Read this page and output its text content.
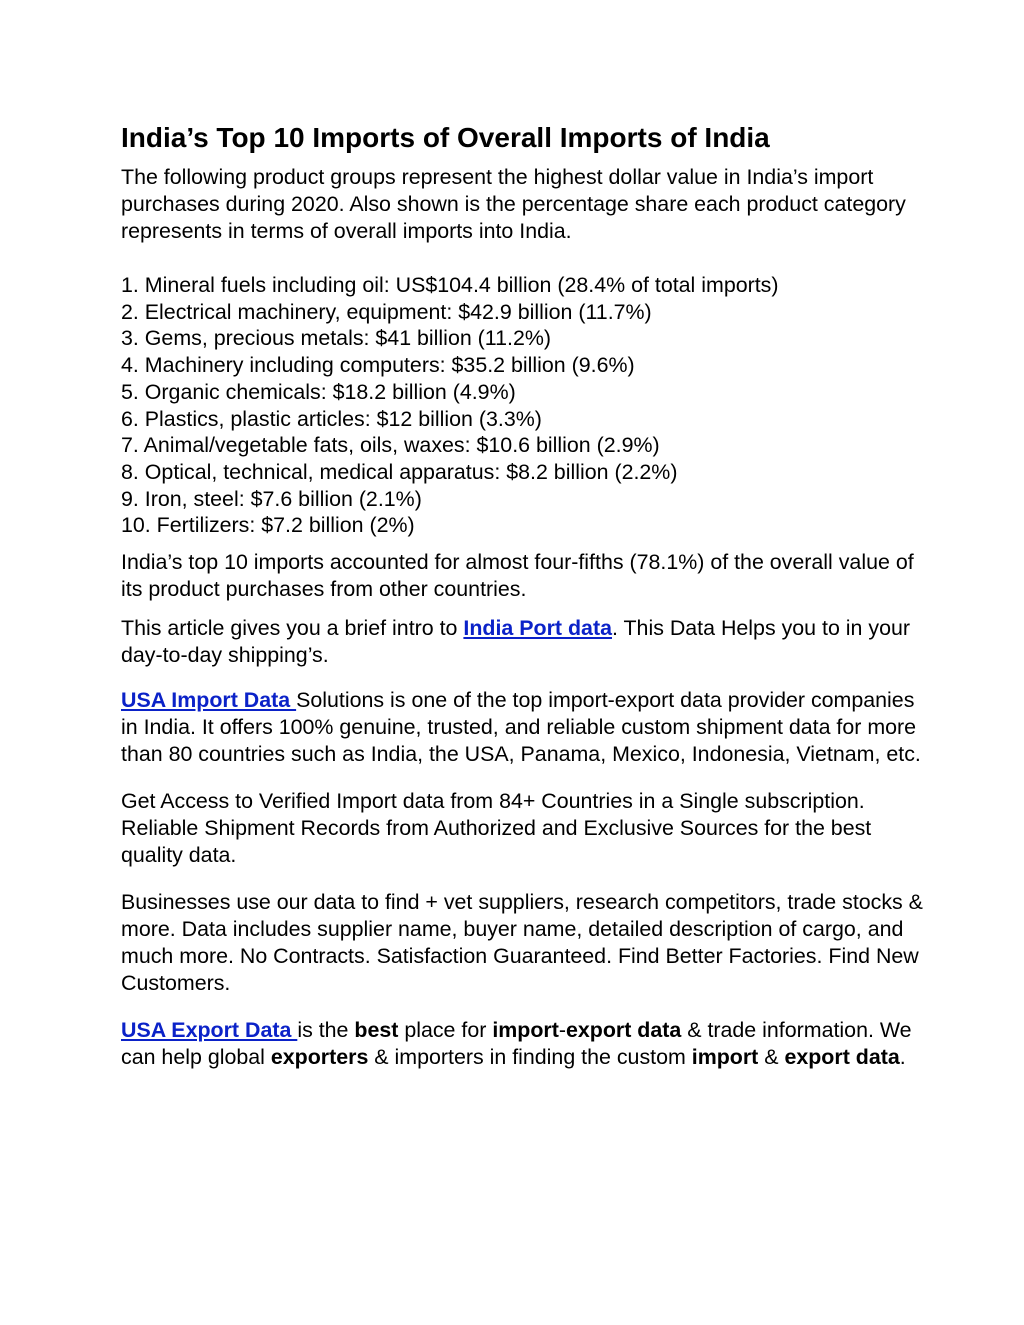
India’s Top 10 Imports of Overall Imports of India

The following product groups represent the highest dollar value in India’s import purchases during 2020. Also shown is the percentage share each product category represents in terms of overall imports into India.

1. Mineral fuels including oil: US$104.4 billion (28.4% of total imports)
2. Electrical machinery, equipment: $42.9 billion (11.7%)
3. Gems, precious metals: $41 billion (11.2%)
4. Machinery including computers: $35.2 billion (9.6%)
5. Organic chemicals: $18.2 billion (4.9%)
6. Plastics, plastic articles: $12 billion (3.3%)
7. Animal/vegetable fats, oils, waxes: $10.6 billion (2.9%)
8. Optical, technical, medical apparatus: $8.2 billion (2.2%)
9. Iron, steel: $7.6 billion (2.1%)
10. Fertilizers: $7.2 billion (2%)

India’s top 10 imports accounted for almost four-fifths (78.1%) of the overall value of its product purchases from other countries.

This article gives you a brief intro to India Port data. This Data Helps you to in your day-to-day shipping’s.

USA Import Data Solutions is one of the top import-export data provider companies in India. It offers 100% genuine, trusted, and reliable custom shipment data for more than 80 countries such as India, the USA, Panama, Mexico, Indonesia, Vietnam, etc.

Get Access to Verified Import data from 84+ Countries in a Single subscription. Reliable Shipment Records from Authorized and Exclusive Sources for the best quality data.

Businesses use our data to find + vet suppliers, research competitors, trade stocks & more. Data includes supplier name, buyer name, detailed description of cargo, and much more. No Contracts. Satisfaction Guaranteed. Find Better Factories. Find New Customers.

USA Export Data is the best place for import-export data & trade information. We can help global exporters & importers in finding the custom import & export data.
